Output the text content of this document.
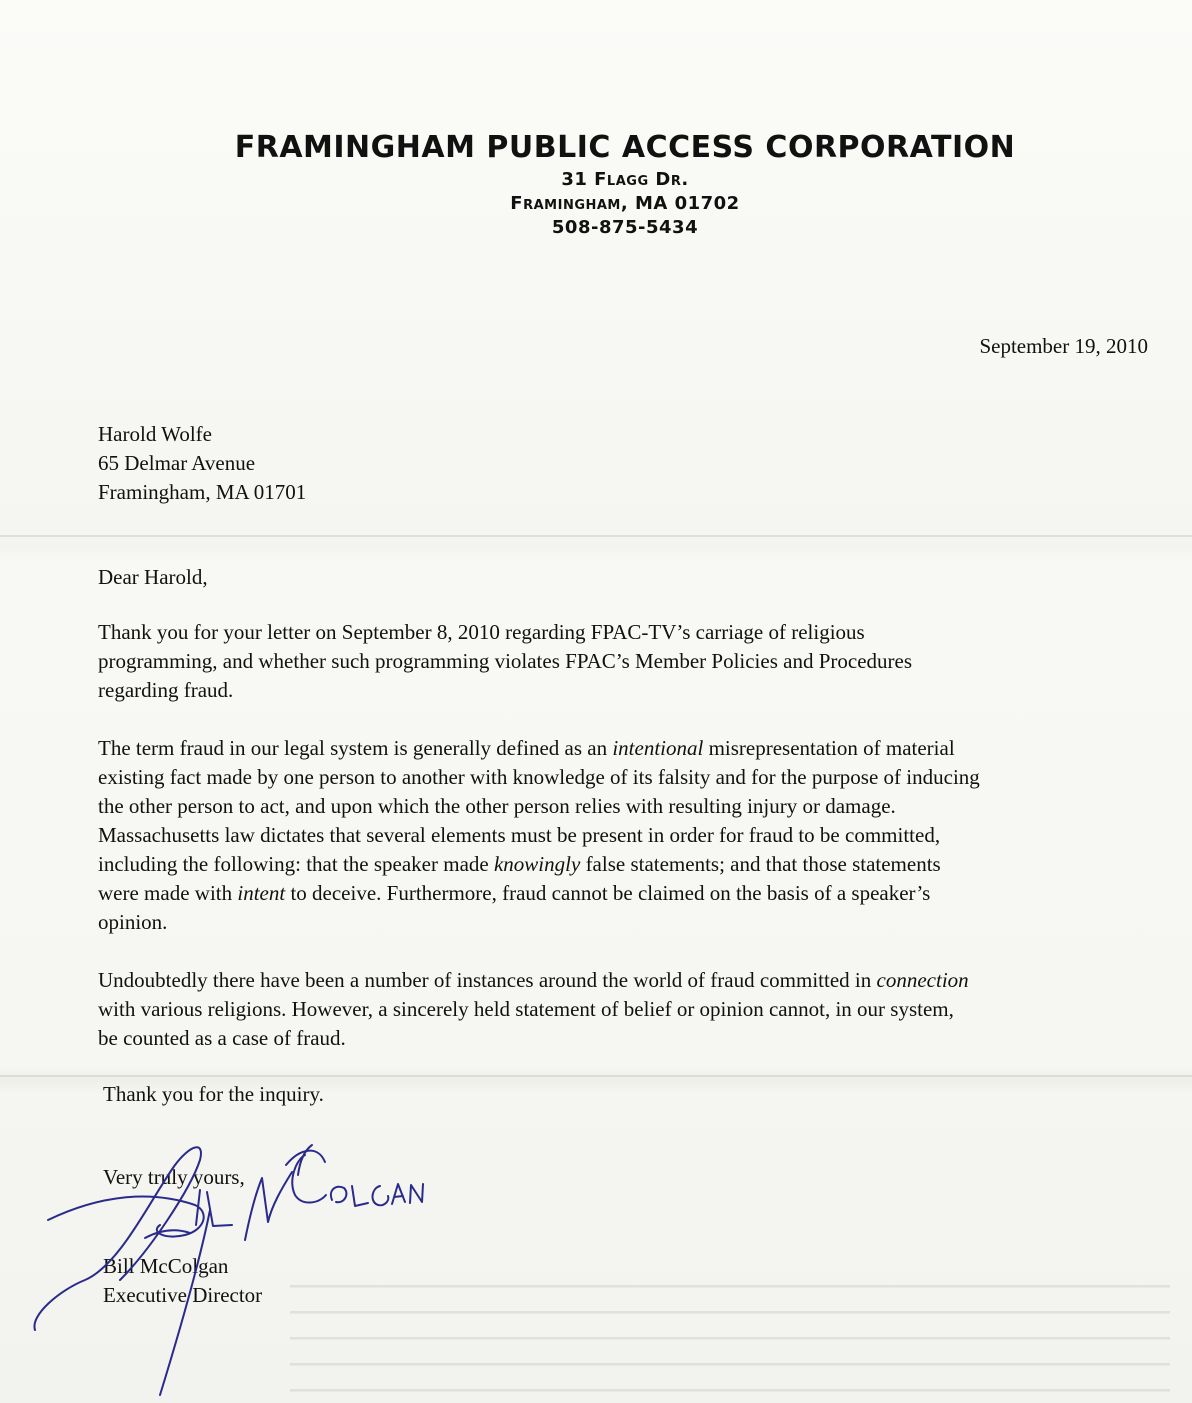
FRAMINGHAM PUBLIC ACCESS CORPORATION
31 Flagg Dr.
Framingham, MA 01702
508-875-5434
September 19, 2010
Harold Wolfe
65 Delmar Avenue
Framingham, MA 01701
Dear Harold,
Thank you for your letter on September 8, 2010 regarding FPAC-TV’s carriage of religious
programming, and whether such programming violates FPAC’s Member Policies and Procedures
regarding fraud.
The term fraud in our legal system is generally defined as an intentional misrepresentation of material
existing fact made by one person to another with knowledge of its falsity and for the purpose of inducing
the other person to act, and upon which the other person relies with resulting injury or damage.
Massachusetts law dictates that several elements must be present in order for fraud to be committed,
including the following: that the speaker made knowingly false statements; and that those statements
were made with intent to deceive. Furthermore, fraud cannot be claimed on the basis of a speaker’s
opinion.
Undoubtedly there have been a number of instances around the world of fraud committed in connection
with various religions. However, a sincerely held statement of belief or opinion cannot, in our system,
be counted as a case of fraud.
Thank you for the inquiry.
Very truly yours,
Bill McColgan
Executive Director
